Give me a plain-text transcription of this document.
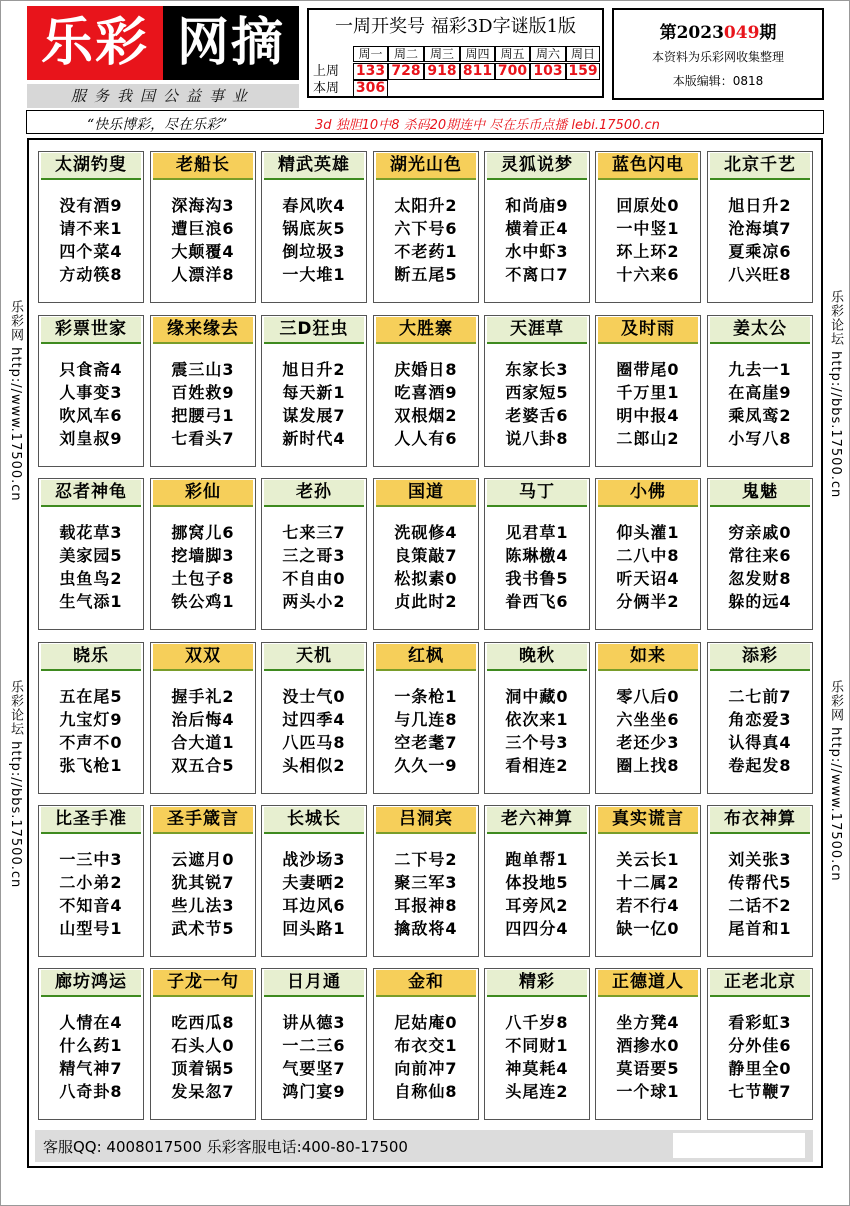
乐彩 网摘
服务我国公益事业
一周开奖号 福彩3D字谜版1版
周一 周二 周三 周四 周五 周六 周日
上周
本周
133 728 918 811 700 103 159
306
第2023049期
本资料为乐彩网收集整理
本版编辑：0818
“快乐博彩，尽在乐彩”	3d 独胆10中8 杀码20期连中 尽在乐币点播 lebi.17500.cn
乐彩网 http://www.17500.cn
乐彩论坛 http://bbs.17500.cn
乐彩论坛 http://bbs.17500.cn
乐彩网 http://www.17500.cn
太湖钓叟
没有酒9
请不来1
四个菜4
方动筷8
老船长
深海沟3
遭巨浪6
大颠覆4
人漂洋8
精武英雄
春风吹4
锅底灰5
倒垃圾3
一大堆1
湖光山色
太阳升2
六下号6
不老药1
断五尾5
灵狐说梦
和尚庙9
横着正4
水中虾3
不离口7
蓝色闪电
回原处0
一中竖1
环上环2
十六来6
北京千艺
旭日升2
沧海填7
夏乘凉6
八兴旺8
彩票世家
只食斋4
人事变3
吹风车6
刘皇叔9
缘来缘去
震三山3
百姓救9
把腰弓1
七看头7
三D狂虫
旭日升2
每天新1
谋发展7
新时代4
大胜寨
庆婚日8
吃喜酒9
双根烟2
人人有6
天涯草
东家长3
西家短5
老婆舌6
说八卦8
及时雨
圈带尾0
千万里1
明中报4
二郎山2
姜太公
九去一1
在高崖9
乘凤鸾2
小写八8
忍者神龟
载花草3
美家园5
虫鱼鸟2
生气添1
彩仙
挪窝儿6
挖墙脚3
土包子8
铁公鸡1
老孙
七来三7
三之哥3
不自由0
两头小2
国道
洗砚修4
良策敲7
松拟素0
贞此时2
马丁
见君草1
陈琳檄4
我书鲁5
眷西飞6
小佛
仰头灌1
二八中8
听天诏4
分俩半2
鬼魅
穷亲戚0
常往来6
忽发财8
躲的远4
晓乐
五在尾5
九宝灯9
不声不0
张飞枪1
双双
握手礼2
治后悔4
合大道1
双五合5
天机
没士气0
过四季4
八匹马8
头相似2
红枫
一条枪1
与几连8
空老耄7
久久一9
晚秋
洞中藏0
依次来1
三个号3
看相连2
如来
零八后0
六坐坐6
老还少3
圈上找8
添彩
二七前7
角恋爱3
认得真4
卷起发8
比圣手准
一三中3
二小弟2
不知音4
山型号1
圣手箴言
云遮月0
犹其锐7
些儿法3
武术节5
长城长
战沙场3
夫妻晒2
耳边风6
回头路1
吕洞宾
二下号2
聚三军3
耳报神8
擒敌将4
老六神算
跑单帮1
体投地5
耳旁风2
四四分4
真实谎言
关云长1
十二属2
若不行4
缺一亿0
布衣神算
刘关张3
传帮代5
二话不2
尾首和1
廊坊鸿运
人情在4
什么药1
精气神7
八奇卦8
子龙一句
吃西瓜8
石头人0
顶着锅5
发呆忽7
日月通
讲从德3
一二三6
气要坚7
鸿门宴9
金和
尼姑庵0
布衣交1
向前冲7
自称仙8
精彩
八千岁8
不同财1
神莫耗4
头尾连2
正德道人
坐方凳4
酒掺水0
莫语要5
一个球1
正老北京
看彩虹3
分外佳6
静里全0
七节鞭7
客服QQ: 4008017500 乐彩客服电话:400-80-17500
